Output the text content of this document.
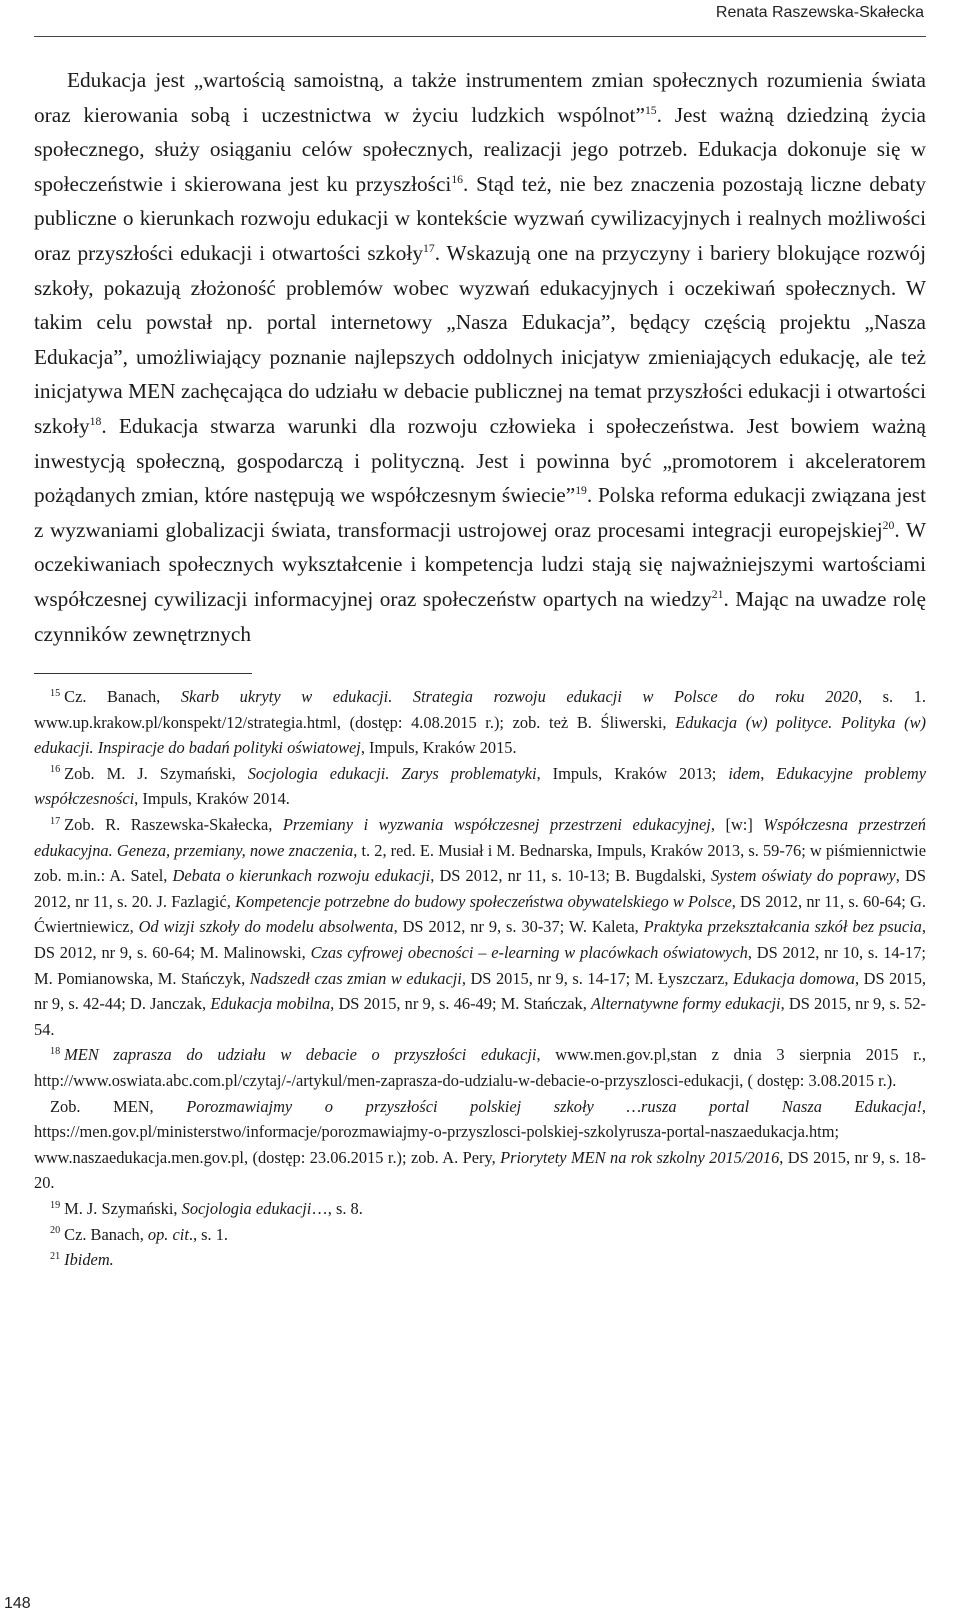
Renata Raszewska-Skałecka

Edukacja jest „wartością samoistną, a także instrumentem zmian społecznych rozumienia świata oraz kierowania sobą i uczestnictwa w życiu ludzkich wspólnot”$^{15}$. Jest ważną dziedziną życia społecznego, służy osiąganiu celów społecznych, realizacji jego potrzeb. Edukacja dokonuje się w społeczeństwie i skierowana jest ku przyszłości$^{16}$. Stąd też, nie bez znaczenia pozostają liczne debaty publiczne o kierunkach rozwoju edukacji w kontekście wyzwań cywilizacyjnych i realnych możliwości oraz przyszłości edukacji i otwartości szkoły$^{17}$. Wskazują one na przyczyny i bariery blokujące rozwój szkoły, pokazują złożoność problemów wobec wyzwań edukacyjnych i oczekiwań społecznych. W takim celu powstał np. portal internetowy „Nasza Edukacja”, będący częścią projektu „Nasza Edukacja”, umożliwiający poznanie najlepszych oddolnych inicjatyw zmieniających edukację, ale też inicjatywa MEN zachęcająca do udziału w debacie publicznej na temat przyszłości edukacji i otwartości szkoły$^{18}$. Edukacja stwarza warunki dla rozwoju człowieka i społeczeństwa. Jest bowiem ważną inwestycją społeczną, gospodarczą i polityczną. Jest i powinna być „promotorem i akceleratorem pożądanych zmian, które następują we współczesnym świecie”$^{19}$. Polska reforma edukacji związana jest z wyzwaniami globalizacji świata, transformacji ustrojowej oraz procesami integracji europejskiej$^{20}$. W oczekiwaniach społecznych wykształcenie i kompetencja ludzi stają się najważniejszymi wartościami współczesnej cywilizacji informacyjnej oraz społeczeństw opartych na wiedzy$^{21}$. Mając na uwadze rolę czynników zewnętrznych

$^{15}$ Cz. Banach, Skarb ukryty w edukacji. Strategia rozwoju edukacji w Polsce do roku 2020, s. 1. www.up.krakow.pl/konspekt/12/strategia.html, (dostęp: 4.08.2015 r.); zob. też B. Śliwerski, Edukacja (w) polityce. Polityka (w) edukacji. Inspiracje do badań polityki oświatowej, Impuls, Kraków 2015.

$^{16}$ Zob. M. J. Szymański, Socjologia edukacji. Zarys problematyki, Impuls, Kraków 2013; idem, Edukacyjne problemy współczesności, Impuls, Kraków 2014.

$^{17}$ Zob. R. Raszewska-Skałecka, Przemiany i wyzwania współczesnej przestrzeni edukacyjnej, [w:] Współczesna przestrzeń edukacyjna. Geneza, przemiany, nowe znaczenia, t. 2, red. E. Musiał i M. Bednarska, Impuls, Kraków 2013, s. 59-76; w piśmiennictwie zob. m.in.: A. Satel, Debata o kierunkach rozwoju edukacji, DS 2012, nr 11, s. 10-13; B. Bugdalski, System oświaty do poprawy, DS 2012, nr 11, s. 20. J. Fazlagić, Kompetencje potrzebne do budowy społeczeństwa obywatelskiego w Polsce, DS 2012, nr 11, s. 60-64; G. Ćwiertniewicz, Od wizji szkoły do modelu absolwenta, DS 2012, nr 9, s. 30-37; W. Kaleta, Praktyka przekształcania szkół bez psucia, DS 2012, nr 9, s. 60-64; M. Malinowski, Czas cyfrowej obecności – e-learning w placówkach oświatowych, DS 2012, nr 10, s. 14-17; M. Pomianowska, M. Stańczyk, Nadszedł czas zmian w edukacji, DS 2015, nr 9, s. 14-17; M. Łyszczarz, Edukacja domowa, DS 2015, nr 9, s. 42-44; D. Janczak, Edukacja mobilna, DS 2015, nr 9, s. 46-49; M. Stańczak, Alternatywne formy edukacji, DS 2015, nr 9, s. 52-54.

$^{18}$ MEN zaprasza do udziału w debacie o przyszłości edukacji, www.men.gov.pl,stan z dnia 3 sierpnia 2015 r., http://www.oswiata.abc.com.pl/czytaj/-/artykul/men-zaprasza-do-udzialu-w-debacie-o-przyszlosci-edukacji, ( dostęp: 3.08.2015 r.).

Zob. MEN, Porozmawiajmy o przyszłości polskiej szkoły …rusza portal Nasza Edukacja!, https://men.gov.pl/ministerstwo/informacje/porozmawiajmy-o-przyszlosci-polskiej-szkolyrusza-portal-naszaedukacja.htm; www.naszaedukacja.men.gov.pl, (dostęp: 23.06.2015 r.); zob. A. Pery, Priorytety MEN na rok szkolny 2015/2016, DS 2015, nr 9, s. 18-20.

$^{19}$ M. J. Szymański, Socjologia edukacji…, s. 8.

$^{20}$ Cz. Banach, op. cit., s. 1.

$^{21}$ Ibidem.

148
